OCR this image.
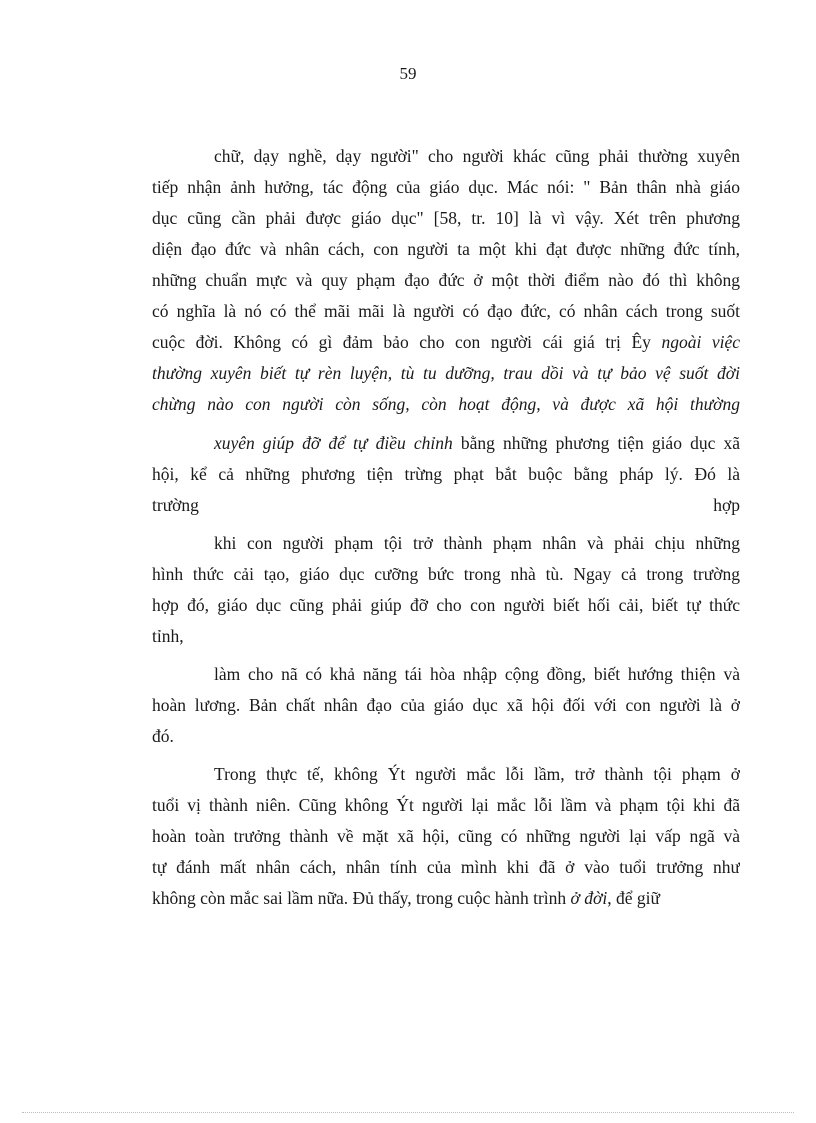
59
chữ, dạy nghề, dạy người" cho người khác cũng phải thường xuyên
tiếp nhận ảnh hưởng, tác động của giáo dục. Mác nói: " Bản thân nhà giáo
dục cũng cần phải được giáo dục" [58, tr. 10] là vì vậy. Xét trên phương
diện đạo đức và nhân cách, con người ta một khi đạt được những đức tính,
những chuẩn mực và quy phạm đạo đức ở một thời điểm nào đó thì không
có nghĩa là nó có thể mãi mãi là người có đạo đức, có nhân cách trong suốt
cuộc đời. Không có gì đảm bảo cho con người cái giá trị Êy ngoài việc
thường xuyên biết tự rèn luyện, tù tu dưỡng, trau dồi và tự bảo vệ suốt đời
chừng nào con người còn sống, còn hoạt động, và được xã hội thường
xuyên giúp đỡ để tự điều chỉnh bằng những phương tiện giáo dục xã
hội, kể cả những phương tiện trừng phạt bắt buộc bằng pháp lý. Đó là
trường	hợp
khi con người phạm tội trở thành phạm nhân và phải chịu những
hình thức cải tạo, giáo dục cưỡng bức trong nhà tù. Ngay cả trong trường
hợp đó, giáo dục cũng phải giúp đỡ cho con người biết hối cải, biết tự thức
tỉnh,
làm cho nã có khả năng tái hòa nhập cộng đồng, biết hướng thiện và
hoàn lương. Bản chất nhân đạo của giáo dục xã hội đối với con người là ở
đó.
Trong thực tế, không Ýt người mắc lỗi lầm, trở thành tội phạm ở
tuổi vị thành niên. Cũng không Ýt người lại mắc lỗi lầm và phạm tội khi đã
hoàn toàn trưởng thành về mặt xã hội, cũng có những người lại vấp ngã và
tự đánh mất nhân cách, nhân tính của mình khi đã ở vào tuổi trưởng như
không còn mắc sai lầm nữa. Đủ thấy, trong cuộc hành trình ở đời, để giữ
